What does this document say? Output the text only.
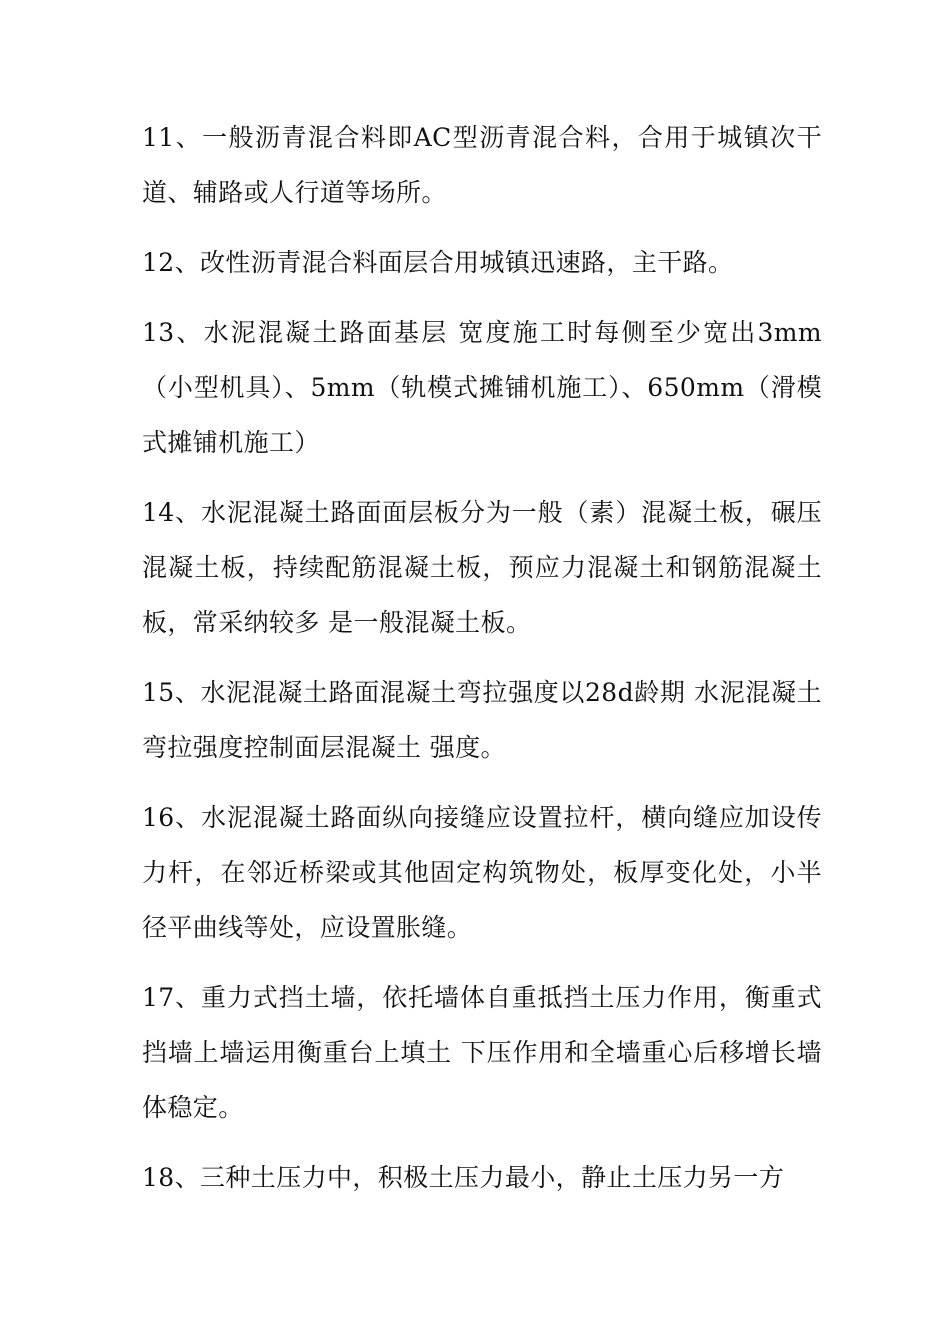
11、一般沥青混合料即AC型沥青混合料，合用于城镇次干道、辅路或人行道等场所。

12、改性沥青混合料面层合用城镇迅速路，主干路。

13、水泥混凝土路面基层 宽度施工时每侧至少宽出3mm（小型机具）、5mm（轨模式摊铺机施工）、650mm（滑模式摊铺机施工）

14、水泥混凝土路面面层板分为一般（素）混凝土板，碾压混凝土板，持续配筋混凝土板，预应力混凝土和钢筋混凝土板，常采纳较多 是一般混凝土板。

15、水泥混凝土路面混凝土弯拉强度以28d龄期 水泥混凝土弯拉强度控制面层混凝土 强度。

16、水泥混凝土路面纵向接缝应设置拉杆，横向缝应加设传力杆，在邻近桥梁或其他固定构筑物处，板厚变化处，小半径平曲线等处，应设置胀缝。

17、重力式挡土墙，依托墙体自重抵挡土压力作用，衡重式挡墙上墙运用衡重台上填土 下压作用和全墙重心后移增长墙体稳定。

18、三种土压力中，积极土压力最小，静止土压力另一方
